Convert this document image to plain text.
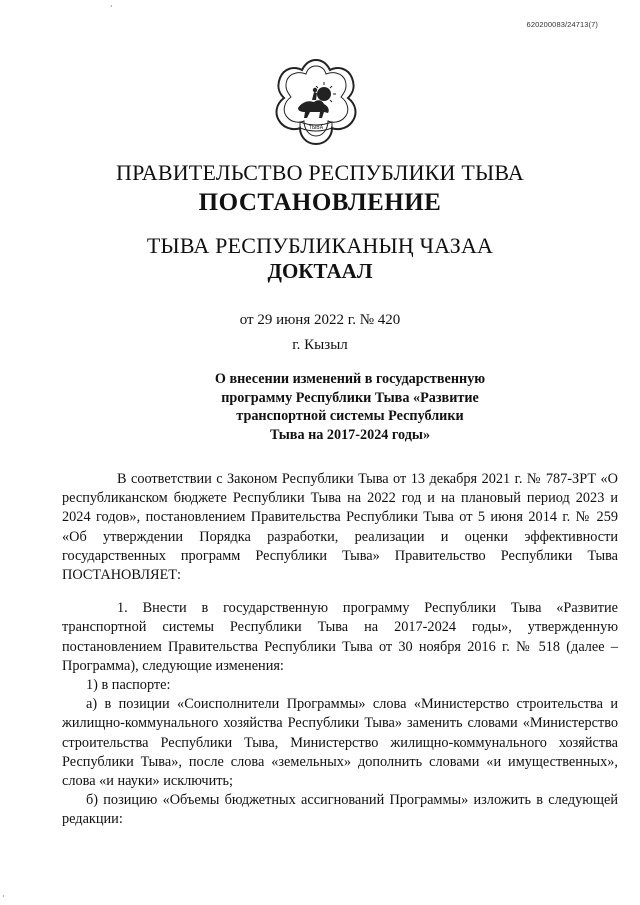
620200083/24713(7)
·
·
ТЫВА
ПРАВИТЕЛЬСТВО РЕСПУБЛИКИ ТЫВА
ПОСТАНОВЛЕНИЕ
ТЫВА РЕСПУБЛИКАНЫҢ ЧАЗАА
ДОКТААЛ
от 29 июня 2022 г. № 420
г. Кызыл
О внесении изменений в государственную
программу Республики Тыва «Развитие
транспортной системы Республики
Тыва на 2017-2024 годы»

В соответствии с Законом Республики Тыва от 13 декабря 2021 г. № 787-ЗРТ «О республиканском бюджете Республики Тыва на 2022 год и на плановый период 2023 и 2024 годов», постановлением Правительства Республики Тыва от 5 июня 2014 г. № 259 «Об утверждении Порядка разработки, реализации и оценки эффективности государственных программ Республики Тыва» Правительство Республики Тыва ПОСТАНОВЛЯЕТ:

1. Внести в государственную программу Республики Тыва «Развитие транспортной системы Республики Тыва на 2017-2024 годы», утвержденную постановлением Правительства Республики Тыва от 30 ноября 2016 г. № 518 (далее – Программа), следующие изменения:

1) в паспорте:

а) в позиции «Соисполнители Программы» слова «Министерство строительства и жилищно-коммунального хозяйства Республики Тыва» заменить словами «Министерство строительства Республики Тыва, Министерство жилищно-коммунального хозяйства Республики Тыва», после слова «земельных» дополнить словами «и имущественных», слова «и науки» исключить;

б) позицию «Объемы бюджетных ассигнований Программы» изложить в следующей редакции:
